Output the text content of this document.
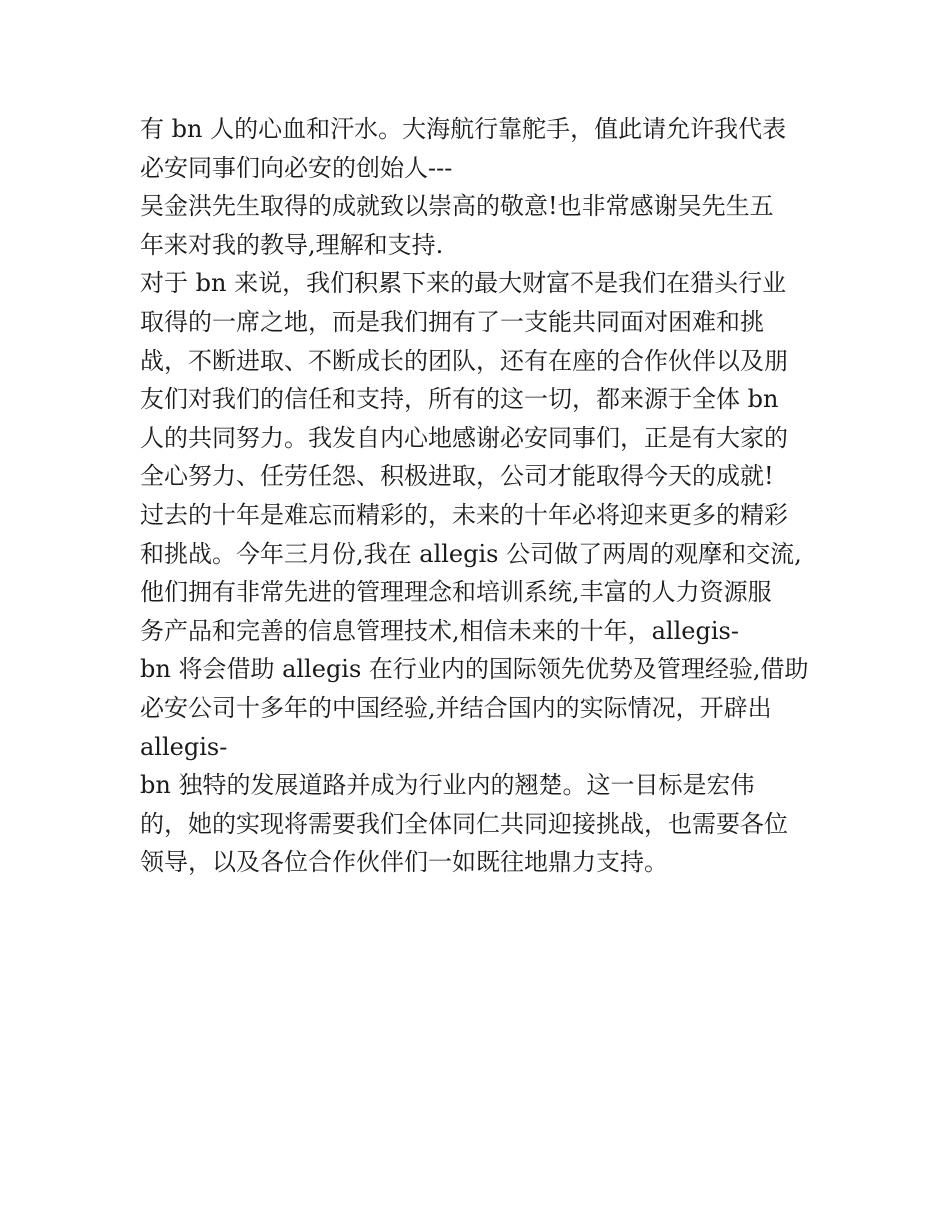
有 bn 人的心血和汗水。大海航行靠舵手，值此请允许我代表
必安同事们向必安的创始人---
吴金洪先生取得的成就致以崇高的敬意!也非常感谢吴先生五
年来对我的教导,理解和支持.
对于 bn 来说，我们积累下来的最大财富不是我们在猎头行业
取得的一席之地，而是我们拥有了一支能共同面对困难和挑
战，不断进取、不断成长的团队，还有在座的合作伙伴以及朋
友们对我们的信任和支持，所有的这一切，都来源于全体 bn
人的共同努力。我发自内心地感谢必安同事们，正是有大家的
全心努力、任劳任怨、积极进取，公司才能取得今天的成就!
过去的十年是难忘而精彩的，未来的十年必将迎来更多的精彩
和挑战。今年三月份,我在 allegis 公司做了两周的观摩和交流,
他们拥有非常先进的管理理念和培训系统,丰富的人力资源服
务产品和完善的信息管理技术,相信未来的十年，allegis-
bn 将会借助 allegis 在行业内的国际领先优势及管理经验,借助
必安公司十多年的中国经验,并结合国内的实际情况，开辟出
allegis-
bn 独特的发展道路并成为行业内的翘楚。这一目标是宏伟
的，她的实现将需要我们全体同仁共同迎接挑战，也需要各位
领导，以及各位合作伙伴们一如既往地鼎力支持。
